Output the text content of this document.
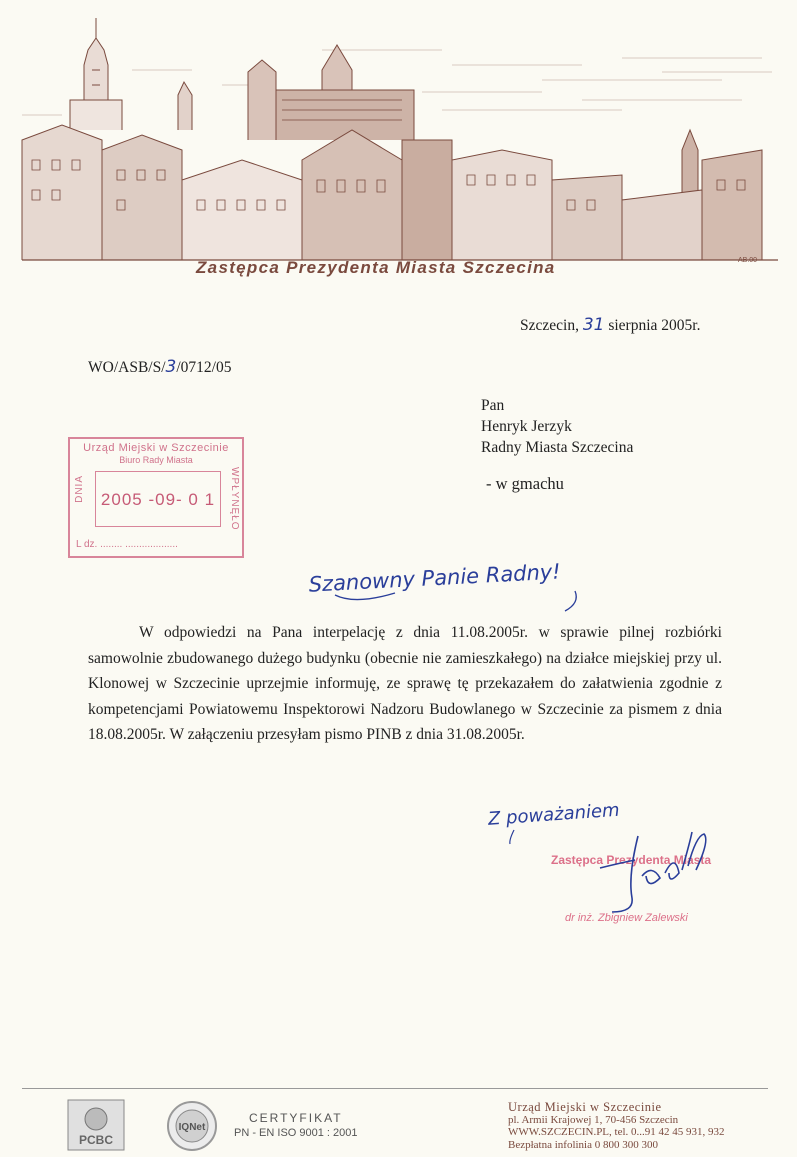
AB.00
Zastępca Prezydenta Miasta Szczecina
Szczecin, 31 sierpnia 2005r.
WO/ASB/S/3/0712/05
Pan
Henryk Jerzyk
Radny Miasta Szczecina
- w gmachu
Urząd Miejski w Szczecinie
Biuro Rady Miasta
DNIA 2005 -09- 0 1	WPŁYNĘŁO
L dz. ........ ...................
Szanowny Panie Radny!

W odpowiedzi na Pana interpelację z dnia 11.08.2005r. w sprawie pilnej rozbiórki samowolnie zbudowanego dużego budynku (obecnie nie zamieszkałego) na działce miejskiej przy ul. Klonowej w Szczecinie uprzejmie informuję, ze sprawę tę przekazałem do załatwienia zgodnie z kompetencjami Powiatowemu Inspektorowi Nadzoru Budowlanego w Szczecinie za pismem z dnia 18.08.2005r. W załączeniu przesyłam pismo PINB z dnia 31.08.2005r.

Z poważaniem
Zastępca Prezydenta Miasta
dr inż. Zbigniew Zalewski
PCBC
IQNet
CERTYFIKAT
PN - EN ISO 9001 : 2001
Urząd Miejski w Szczecinie
pl. Armii Krajowej 1, 70-456 Szczecin
WWW.SZCZECIN.PL, tel. 0...91 42 45 931, 932
Bezpłatna infolinia 0 800 300 300
